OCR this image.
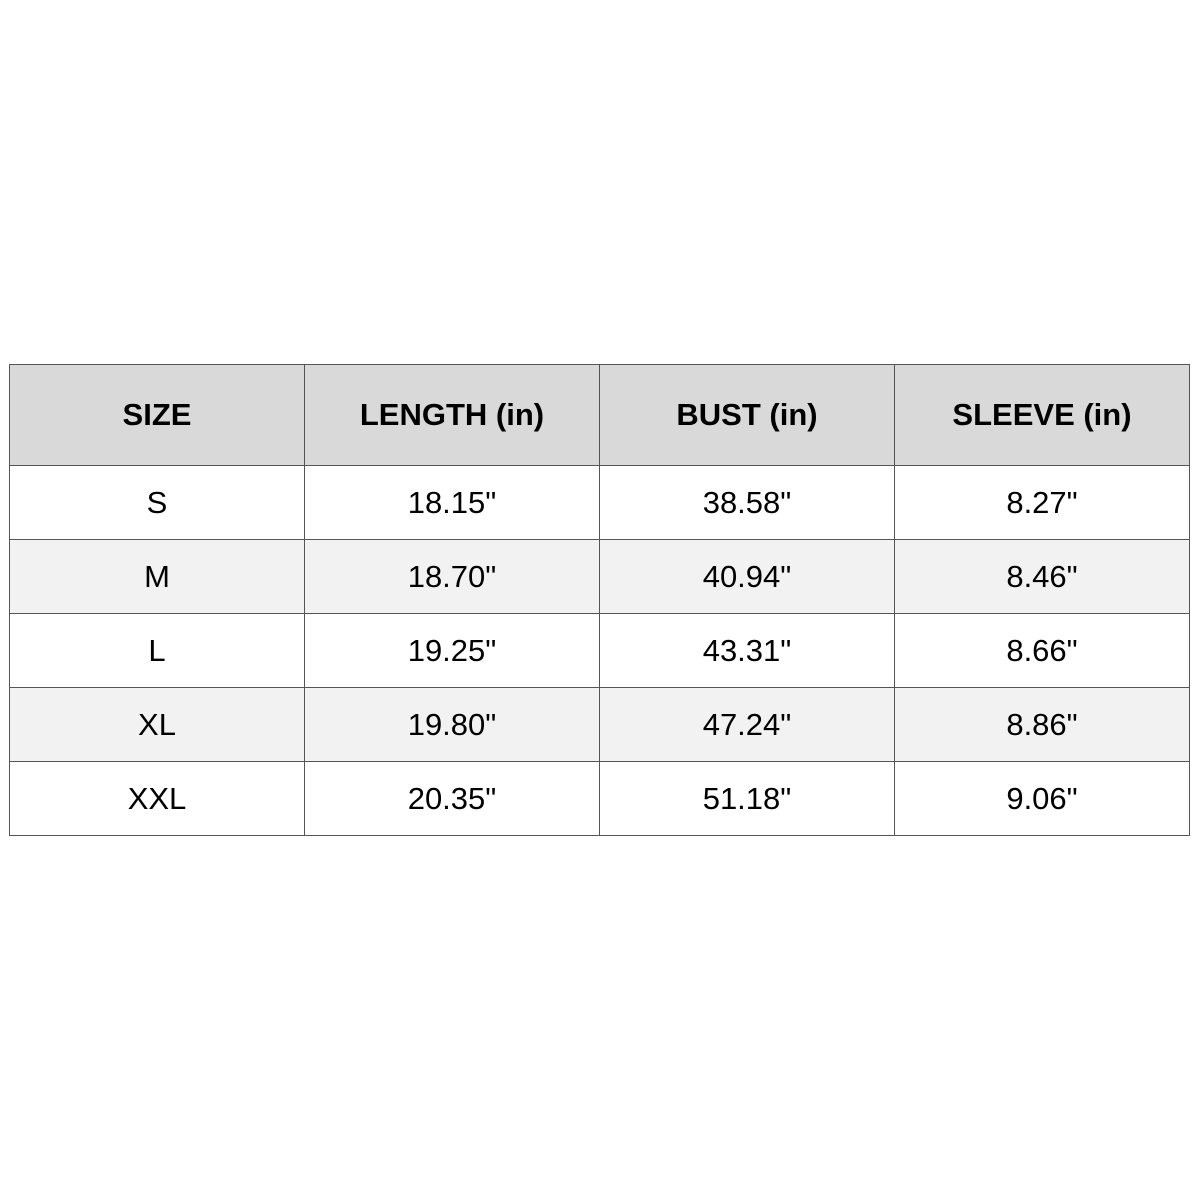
SIZE	LENGTH (in)	BUST (in)	SLEEVE (in)
S	18.15"	38.58"	8.27"
M	18.70"	40.94"	8.46"
L	19.25"	43.31"	8.66"
XL	19.80"	47.24"	8.86"
XXL	20.35"	51.18"	9.06"
